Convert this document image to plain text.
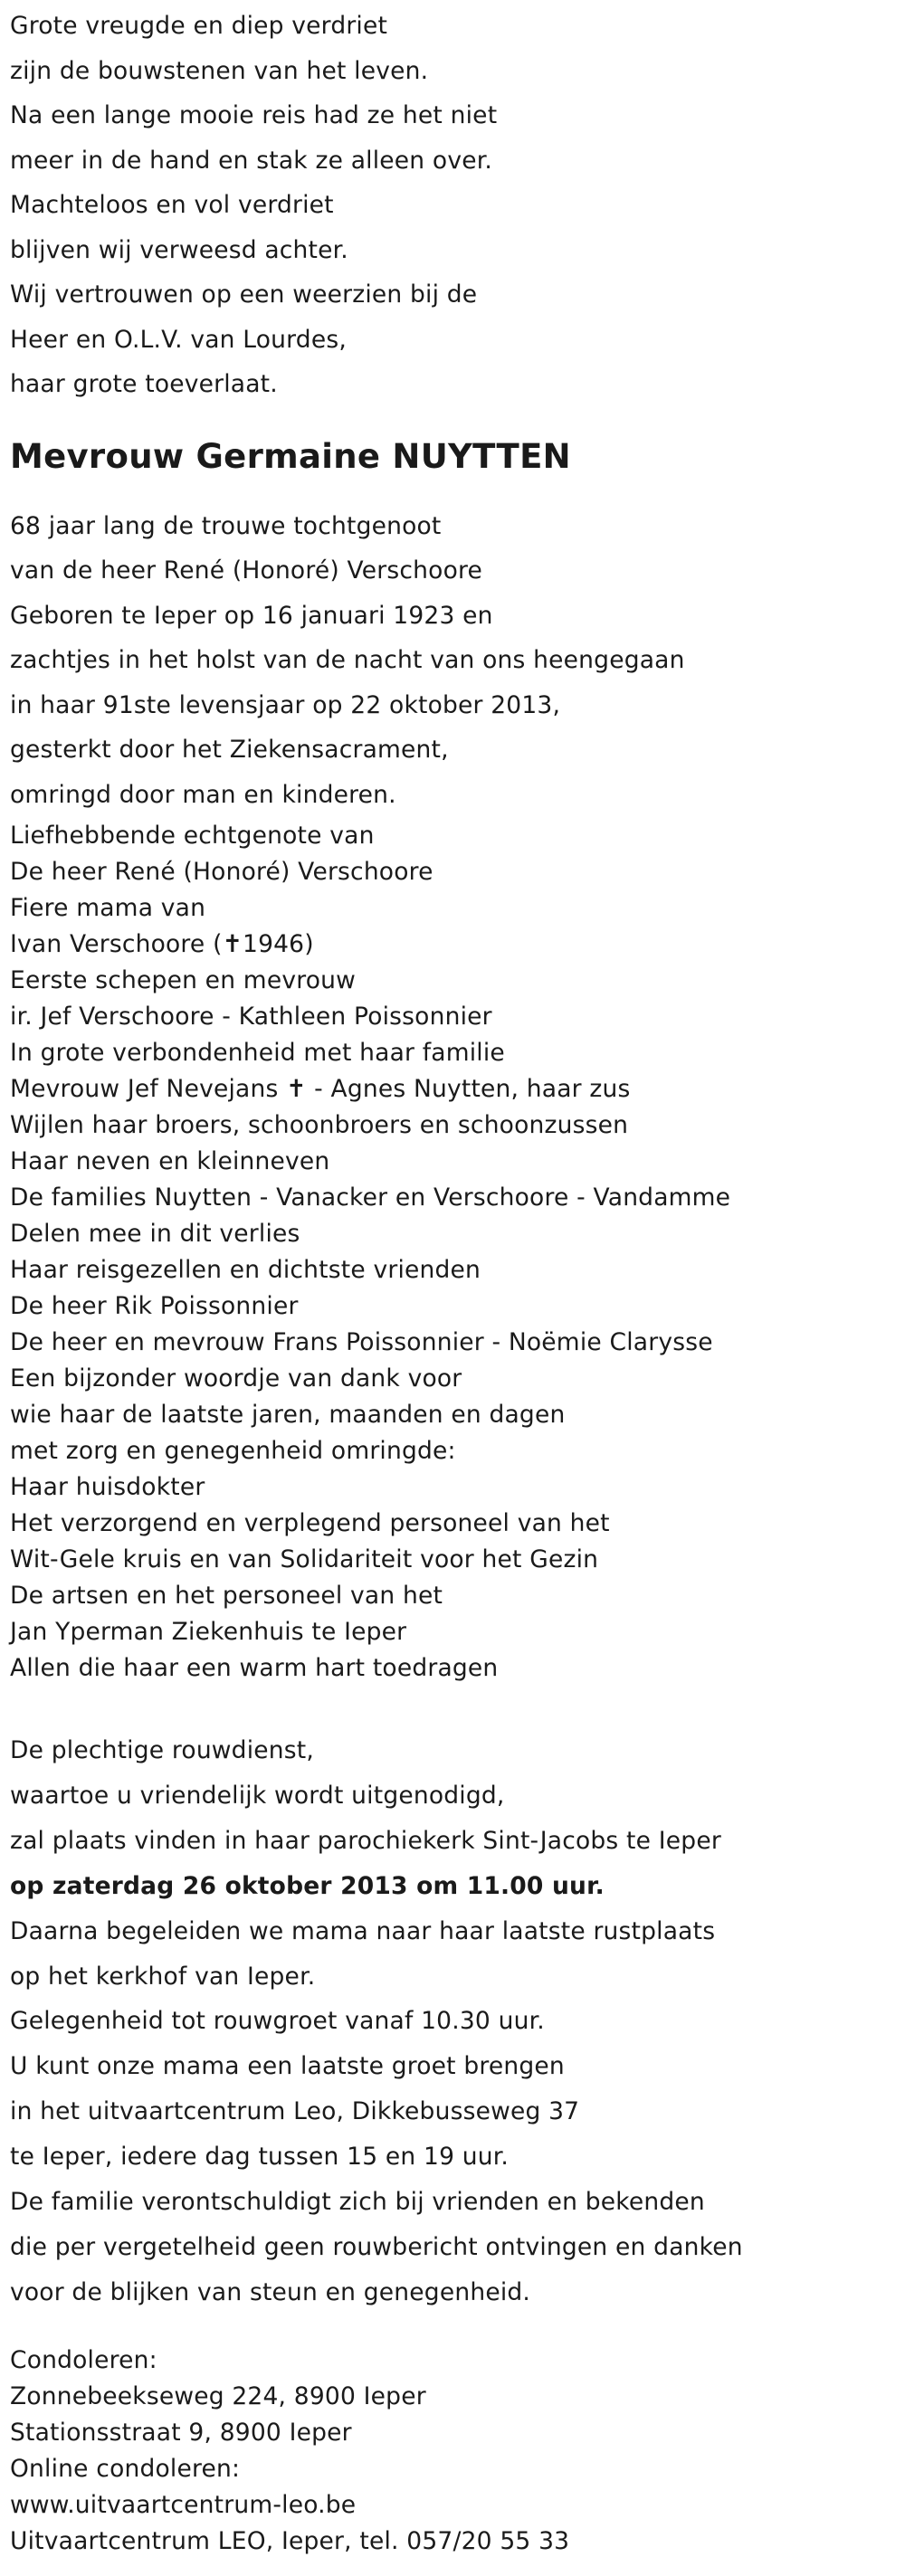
Grote vreugde en diep verdriet

zijn de bouwstenen van het leven.

Na een lange mooie reis had ze het niet

meer in de hand en stak ze alleen over.

Machteloos en vol verdriet

blijven wij verweesd achter.

Wij vertrouwen op een weerzien bij de

Heer en O.L.V. van Lourdes,

haar grote toeverlaat.

Mevrouw Germaine NUYTTEN

68 jaar lang de trouwe tochtgenoot

van de heer René (Honoré) Verschoore

Geboren te Ieper op 16 januari 1923 en

zachtjes in het holst van de nacht van ons heengegaan

in haar 91ste levensjaar op 22 oktober 2013,

gesterkt door het Ziekensacrament,

omringd door man en kinderen.

Liefhebbende echtgenote van

De heer René (Honoré) Verschoore

Fiere mama van

Ivan Verschoore (✝1946)

Eerste schepen en mevrouw

ir. Jef Verschoore - Kathleen Poissonnier

In grote verbondenheid met haar familie

Mevrouw Jef Nevejans ✝ - Agnes Nuytten, haar zus

Wijlen haar broers, schoonbroers en schoonzussen

Haar neven en kleinneven

De families Nuytten - Vanacker en Verschoore - Vandamme

Delen mee in dit verlies

Haar reisgezellen en dichtste vrienden

De heer Rik Poissonnier

De heer en mevrouw Frans Poissonnier - Noëmie Clarysse

Een bijzonder woordje van dank voor

wie haar de laatste jaren, maanden en dagen

met zorg en genegenheid omringde:

Haar huisdokter

Het verzorgend en verplegend personeel van het

Wit-Gele kruis en van Solidariteit voor het Gezin

De artsen en het personeel van het

Jan Yperman Ziekenhuis te Ieper

Allen die haar een warm hart toedragen

De plechtige rouwdienst,

waartoe u vriendelijk wordt uitgenodigd,

zal plaats vinden in haar parochiekerk Sint-Jacobs te Ieper

op zaterdag 26 oktober 2013 om 11.00 uur.

Daarna begeleiden we mama naar haar laatste rustplaats

op het kerkhof van Ieper.

Gelegenheid tot rouwgroet vanaf 10.30 uur.

U kunt onze mama een laatste groet brengen

in het uitvaartcentrum Leo, Dikkebusseweg 37

te Ieper, iedere dag tussen 15 en 19 uur.

De familie verontschuldigt zich bij vrienden en bekenden

die per vergetelheid geen rouwbericht ontvingen en danken

voor de blijken van steun en genegenheid.

Condoleren:

Zonnebeekseweg 224, 8900 Ieper

Stationsstraat 9, 8900 Ieper

Online condoleren:

www.uitvaartcentrum-leo.be

Uitvaartcentrum LEO, Ieper, tel. 057/20 55 33
